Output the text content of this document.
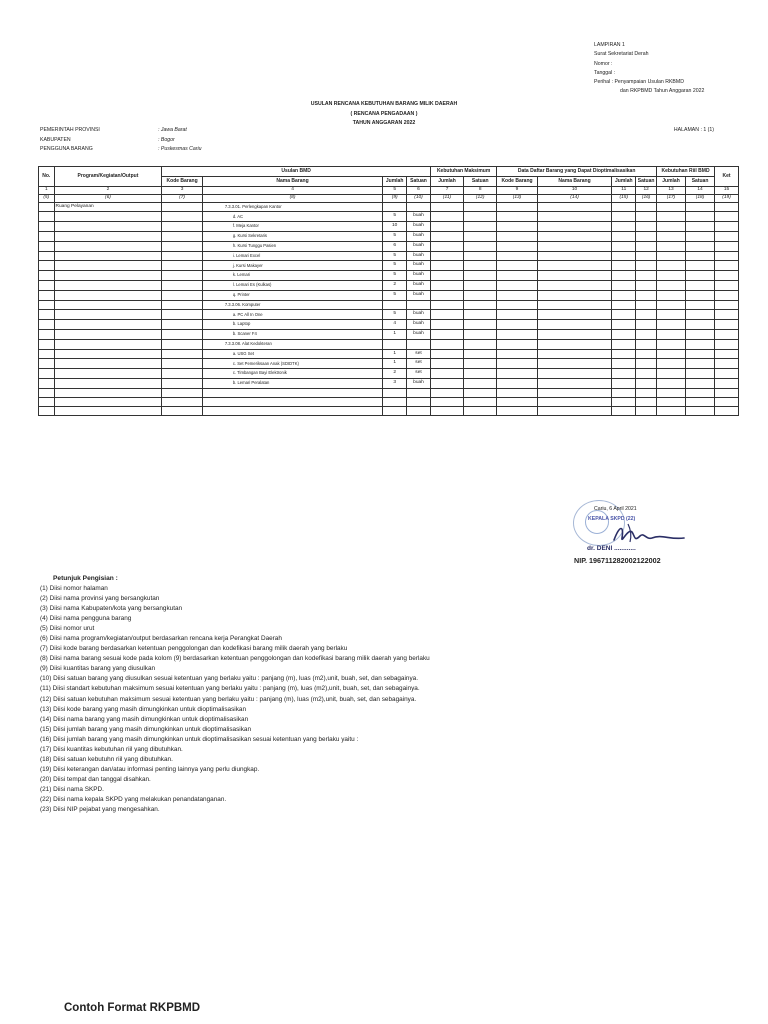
LAMPIRAN 1
Surat Sekretariat Derah
Nomor :
Tanggal :
Perihal : Penyampaian Usulan RKBMD
dan RKPBMD Tahun Anggaran 2022
USULAN RENCANA KEBUTUHAN BARANG MILIK DAERAH
( RENCANA PENGADAAN )
TAHUN ANGGARAN 2022
PEMERINTAH PROVINSI	: Jawa Barat
KABUPATEN	: Bogor
PENGGUNA BARANG	: Puskesmas Cariu
HALAMAN : 1 (1)
No.	Program/Kegiatan/Output	Usulan BMD				Kebutuhan Maksimum		Data Daftar Barang yang Dapat Dioptimalisasikan				Kebutuhan Riil BMD		Ket
		Kode Barang	Nama Barang	Jumlah	Satuan	Jumlah	Satuan	Kode Barang	Nama Barang	Jumlah	Satuan	Jumlah	Satuan	
1	2	3	4	5	6	7	8	9	10	11	12	13	14	15
(5)	(6)	(7)	(8)	(9)	(10)	(11)	(12)	(13)	(14)	(15)	(16)	(17)	(18)	(19)
	Ruang Pelayanan		7.3.3.01. Perlengkapan Kantor											
			d. AC	5	buah									
			f. Meja Kantor	10	buah									
			g. Kursi Sekretaris	5	buah									
			h. Kursi Tunggu Pasien	6	buah									
			i. Lemari Excel	5	buah									
			j. Kursi Makayer	5	buah									
			k. Lemari	5	buah									
			l. Lemari Es (Kulkas)	2	buah									
			q. Printer	5	buah									
			7.3.3.06. Komputer											
			a. PC All In One	5	buah									
			b. Laptop	4	buah									
			b. Scaner F4	1	buah									
			7.3.3.08. Alat Kedokteran											
			a. USG Set	1	set									
			c. Set Pemeriksaan Anak (SDIDTK)	1	set									
			c. Timbangan Bayi Elektronik	2	set									
			b. Lemari Peralatan	3	buah									

Cariu, 6 April 2021
KEPALA SKPD (22)
dr. DENI ............
NIP. 196711282002122002
Petunjuk Pengisian :
(1) Diisi nomor halaman
(2) Diisi nama provinsi yang bersangkutan
(3) Diisi nama Kabupaten/kota yang bersangkutan
(4) Diisi nama pengguna barang
(5) Diisi nomor urut
(6) Diisi nama program/kegiatan/output berdasarkan rencana kerja Perangkat Daerah
(7) Diisi kode barang berdasarkan ketentuan penggolongan dan kodefikasi barang milik daerah yang berlaku
(8) Diisi nama barang sesuai kode pada kolom (9) berdasarkan ketentuan penggolongan dan kodefikasi barang milik daerah yang berlaku
(9) Diisi kuantitas barang yang diusulkan
(10) Diisi satuan barang yang diusulkan sesuai ketentuan yang berlaku yaitu : panjang (m), luas (m2),unit, buah, set, dan sebagainya.
(11) Diisi standart kebutuhan maksimum sesuai ketentuan yang berlaku yaitu : panjang (m), luas (m2),unit, buah, set, dan sebagainya.
(12) Diisi satuan kebutuhan maksimum sesuai ketentuan yang berlaku yaitu : panjang (m), luas (m2),unit, buah, set, dan sebagainya.
(13) Diisi kode barang yang masih dimungkinkan untuk dioptimalisasikan
(14) Diisi nama barang yang masih dimungkinkan untuk dioptimalisasikan
(15) Diisi jumlah barang yang masih dimungkinkan untuk dioptimalisasikan
(16) Diisi jumlah barang yang masih dimungkinkan untuk dioptimalisasikan sesuai ketentuan yang berlaku yaitu :
(17) Diisi kuantitas kebutuhan riil yang dibutuhkan.
(18) Diisi satuan kebutuhn riil yang dibutuhkan.
(19) Diisi keterangan dan/atau informasi penting lainnya yang perlu diungkap.
(20) Diisi tempat dan tanggal disahkan.
(21) Diisi nama SKPD.
(22) Diisi nama kepala SKPD yang melakukan penandatanganan.
(23) Diisi NIP pejabat yang mengesahkan.
Contoh Format RKPBMD
